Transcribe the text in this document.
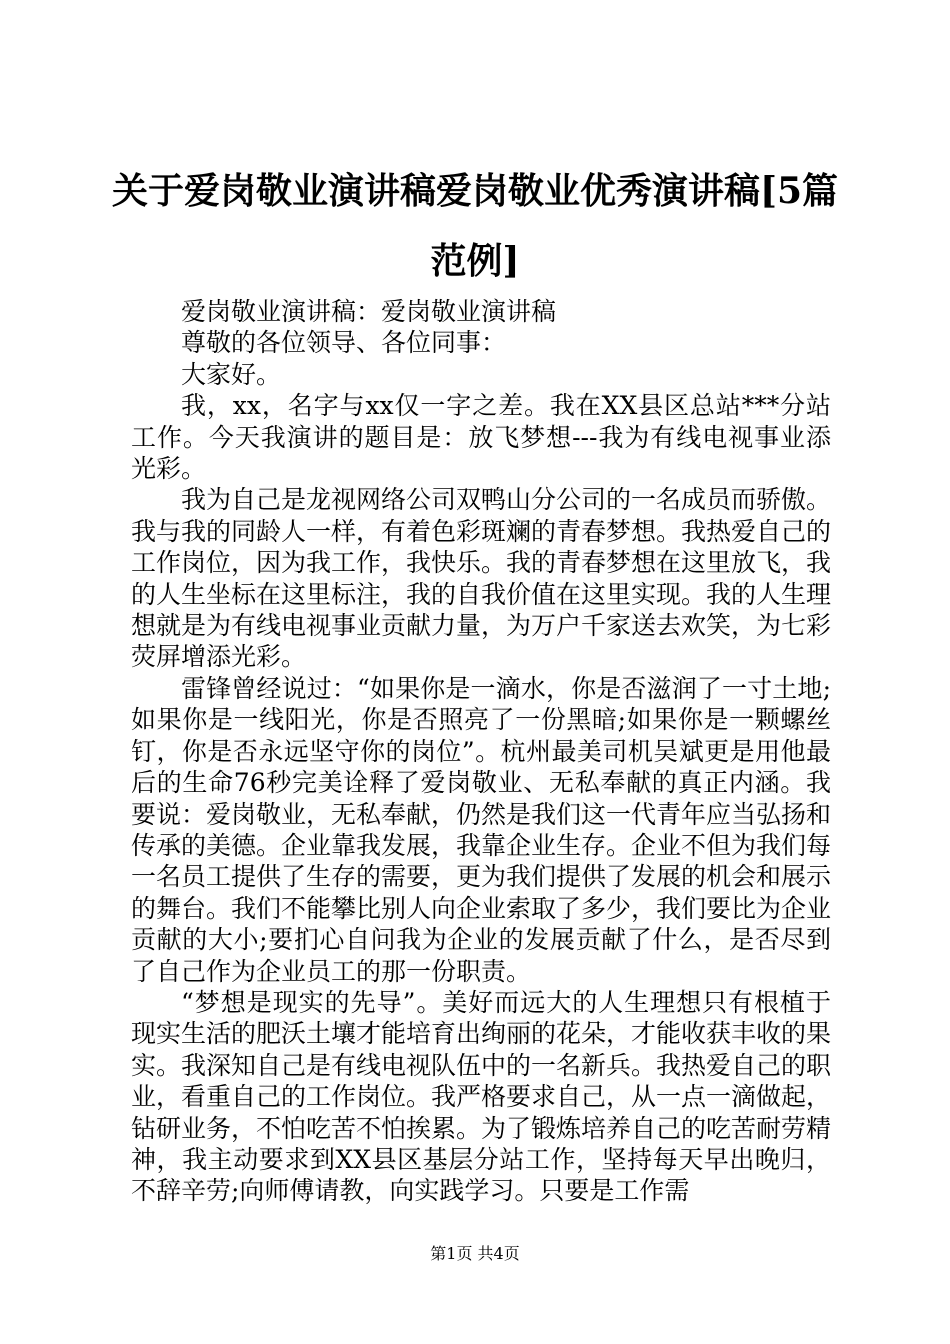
关于爱岗敬业演讲稿爱岗敬业优秀演讲稿[5篇范例]

爱岗敬业演讲稿：爱岗敬业演讲稿

尊敬的各位领导、各位同事：

大家好。

我，xx，名字与xx仅一字之差。我在XX县区总站***分站工作。今天我演讲的题目是：放飞梦想---我为有线电视事业添光彩。

我为自己是龙视网络公司双鸭山分公司的一名成员而骄傲。我与我的同龄人一样，有着色彩斑斓的青春梦想。我热爱自己的工作岗位，因为我工作，我快乐。我的青春梦想在这里放飞，我的人生坐标在这里标注，我的自我价值在这里实现。我的人生理想就是为有线电视事业贡献力量，为万户千家送去欢笑，为七彩荧屏增添光彩。

雷锋曾经说过：“如果你是一滴水，你是否滋润了一寸土地;如果你是一线阳光，你是否照亮了一份黑暗;如果你是一颗螺丝钉，你是否永远坚守你的岗位”。杭州最美司机吴斌更是用他最后的生命76秒完美诠释了爱岗敬业、无私奉献的真正内涵。我要说：爱岗敬业，无私奉献，仍然是我们这一代青年应当弘扬和传承的美德。企业靠我发展，我靠企业生存。企业不但为我们每一名员工提供了生存的需要，更为我们提供了发展的机会和展示的舞台。我们不能攀比别人向企业索取了多少，我们要比为企业贡献的大小;要扪心自问我为企业的发展贡献了什么，是否尽到了自己作为企业员工的那一份职责。

“梦想是现实的先导”。美好而远大的人生理想只有根植于现实生活的肥沃土壤才能培育出绚丽的花朵，才能收获丰收的果实。我深知自己是有线电视队伍中的一名新兵。我热爱自己的职业，看重自己的工作岗位。我严格要求自己，从一点一滴做起，钻研业务，不怕吃苦不怕挨累。为了锻炼培养自己的吃苦耐劳精神，我主动要求到XX县区基层分站工作，坚持每天早出晚归，不辞辛劳;向师傅请教，向实践学习。只要是工作需

第1页 共4页
